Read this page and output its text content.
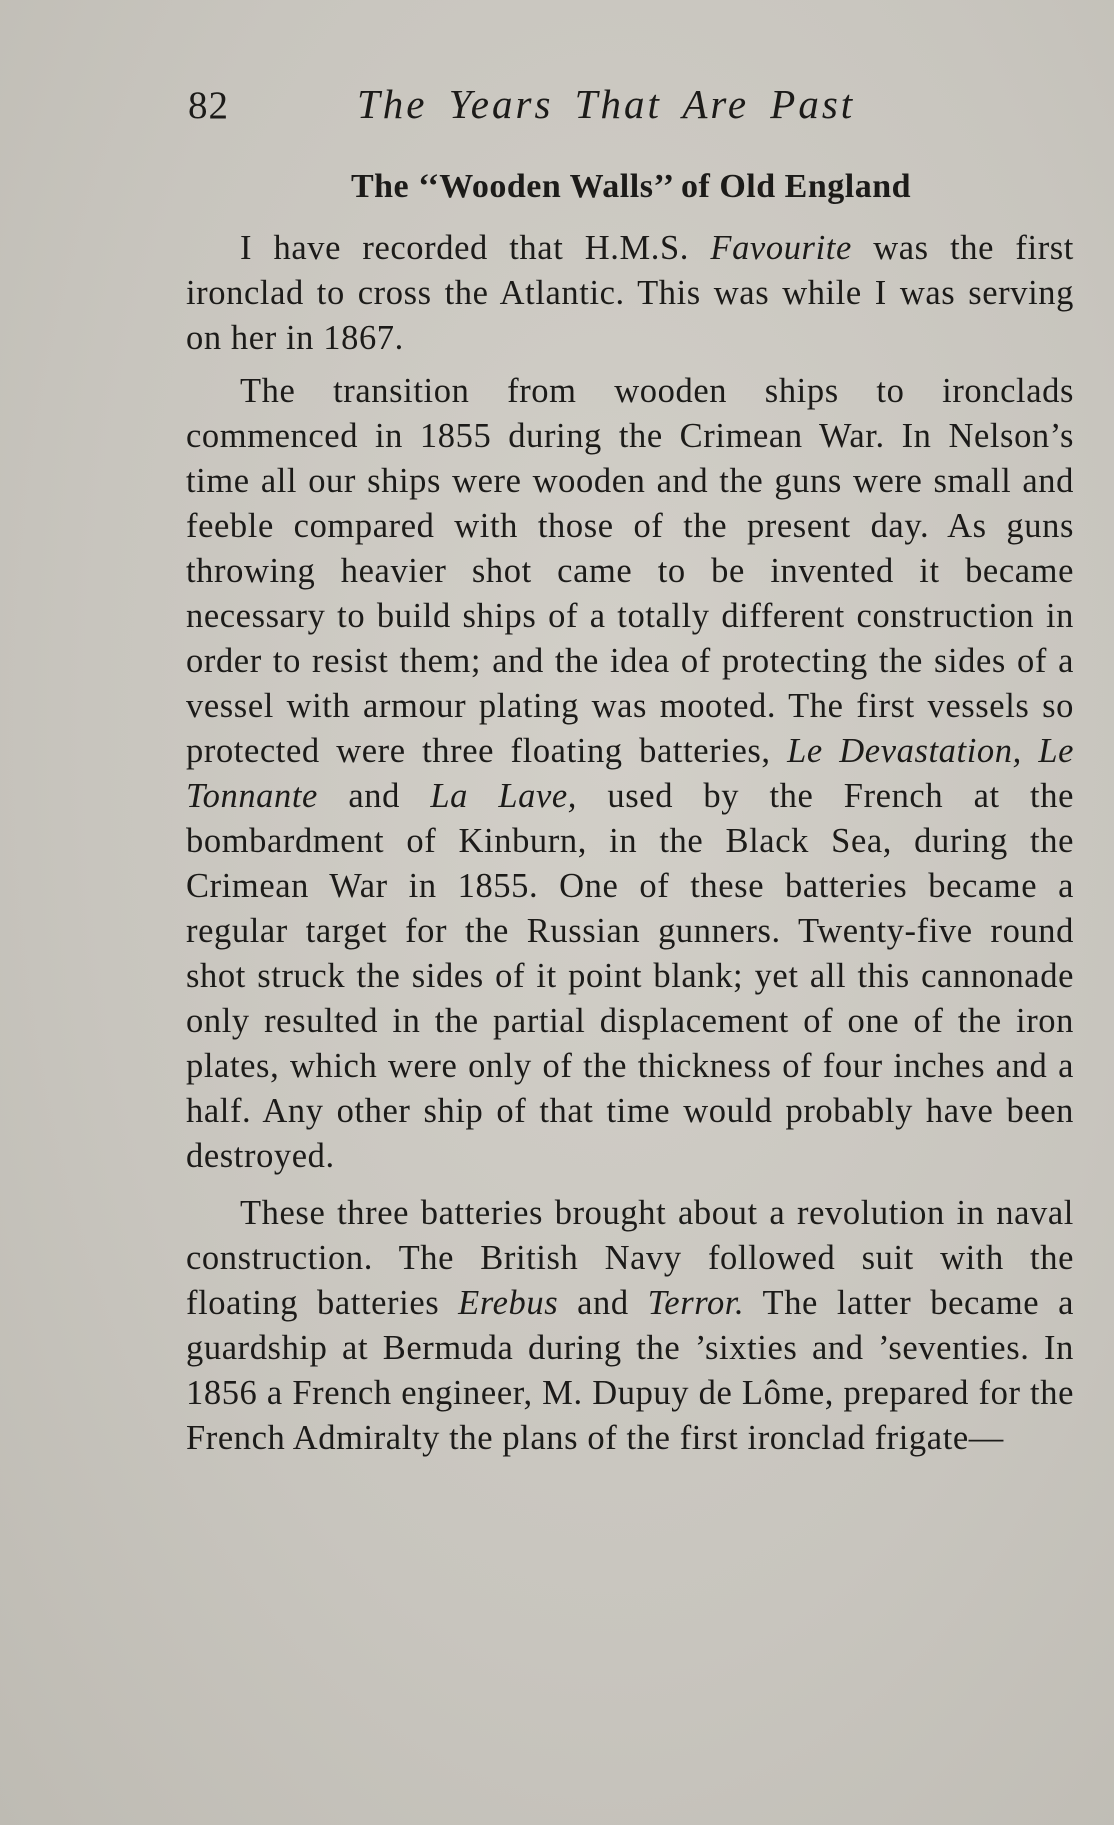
82	The Years That Are Past
The ‘‘Wooden Walls’’ of Old England

I have recorded that H.M.S. Favourite was the first ironclad to cross the Atlantic. This was while I was serving on her in 1867.

The transition from wooden ships to ironclads commenced in 1855 during the Crimean War. In Nelson’s time all our ships were wooden and the guns were small and feeble compared with those of the present day. As guns throwing heavier shot came to be invented it became necessary to build ships of a totally different construction in order to resist them; and the idea of protecting the sides of a vessel with armour plating was mooted. The first vessels so protected were three floating batteries, Le Devastation, Le Tonnante and La Lave, used by the French at the bombardment of Kinburn, in the Black Sea, during the Crimean War in 1855. One of these batteries became a regular target for the Russian gunners. Twenty-five round shot struck the sides of it point blank; yet all this cannonade only resulted in the partial displacement of one of the iron plates, which were only of the thickness of four inches and a half. Any other ship of that time would probably have been destroyed.

These three batteries brought about a revolution in naval construction. The British Navy followed suit with the floating batteries Erebus and Terror. The latter became a guardship at Bermuda during the ’sixties and ’seventies. In 1856 a French engineer, M. Dupuy de Lôme, prepared for the French Admiralty the plans of the first ironclad frigate—
